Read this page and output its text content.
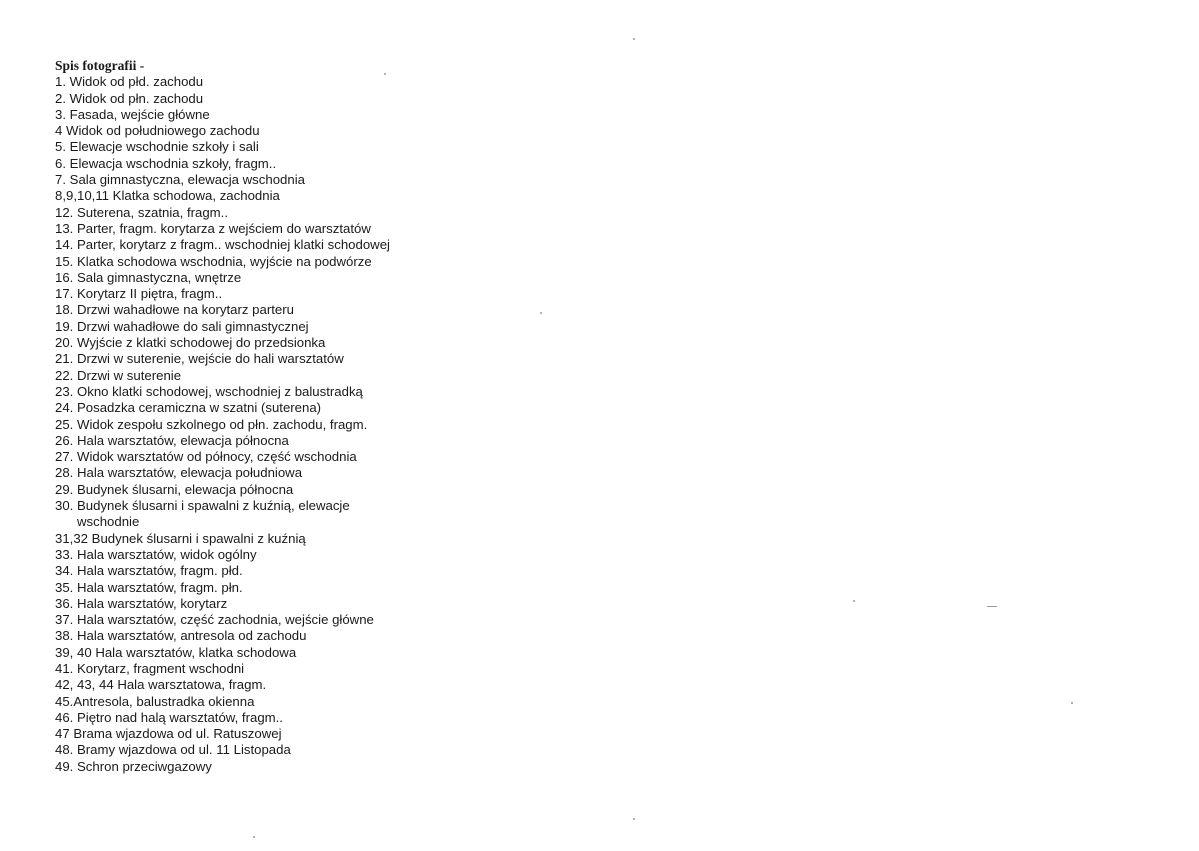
Spis fotografii -
1. Widok od płd. zachodu
2. Widok od płn. zachodu
3. Fasada, wejście główne
4 Widok od południowego zachodu
5. Elewacje wschodnie szkoły i sali
6. Elewacja wschodnia szkoły, fragm..
7. Sala gimnastyczna, elewacja wschodnia
8,9,10,11 Klatka schodowa, zachodnia
12. Suterena, szatnia, fragm..
13. Parter, fragm. korytarza z wejściem do warsztatów
14. Parter, korytarz z fragm.. wschodniej klatki schodowej
15. Klatka schodowa wschodnia, wyjście na podwórze
16. Sala gimnastyczna, wnętrze
17. Korytarz II piętra, fragm..
18. Drzwi wahadłowe na korytarz parteru
19. Drzwi wahadłowe do sali gimnastycznej
20. Wyjście z klatki schodowej do przedsionka
21. Drzwi w suterenie, wejście do hali warsztatów
22. Drzwi w suterenie
23. Okno klatki schodowej, wschodniej z balustradką
24. Posadzka ceramiczna w szatni (suterena)
25. Widok zespołu szkolnego od płn. zachodu, fragm.
26. Hala warsztatów, elewacja północna
27. Widok warsztatów od północy, część wschodnia
28. Hala warsztatów, elewacja południowa
29. Budynek ślusarni, elewacja północna
30. Budynek ślusarni i spawalni z kuźnią, elewacje
wschodnie
31,32 Budynek ślusarni i spawalni z kuźnią
33. Hala warsztatów, widok ogólny
34. Hala warsztatów, fragm. płd.
35. Hala warsztatów, fragm. płn.
36. Hala warsztatów, korytarz
37. Hala warsztatów, część zachodnia, wejście główne
38. Hala warsztatów, antresola od zachodu
39, 40 Hala warsztatów, klatka schodowa
41. Korytarz, fragment wschodni
42, 43, 44 Hala warsztatowa, fragm.
45.Antresola, balustradka okienna
46. Piętro nad halą warsztatów, fragm..
47 Brama wjazdowa od ul. Ratuszowej
48. Bramy wjazdowa od ul. 11 Listopada
49. Schron przeciwgazowy
